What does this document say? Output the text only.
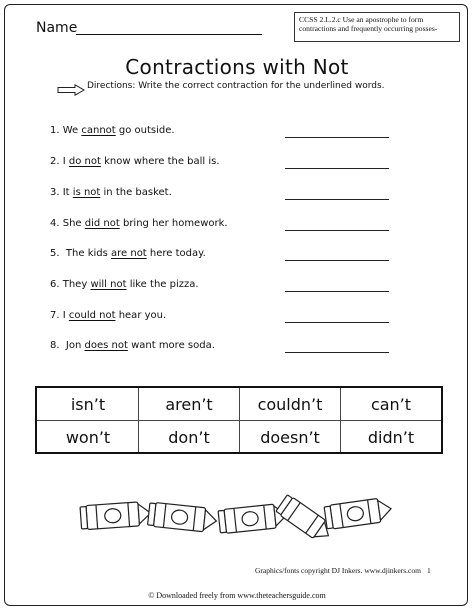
Name
CCSS 2.L.2.c Use an apostrophe to form contractions and frequently occurring posses-
Contractions with Not
Directions: Write the correct contraction for the underlined words.
1. We cannot go outside.
2. I do not know where the ball is.
3. It is not in the basket.
4. She did not bring her homework.
5.  The kids are not here today.
6. They will not like the pizza.
7. I could not hear you.
8.  Jon does not want more soda.
isn’t	aren’t	couldn’t	can’t
won’t	don’t	doesn’t	didn’t
Graphics/fonts copyright DJ Inkers. www.djinkers.com 1
© Downloaded freely from www.theteachersguide.com
